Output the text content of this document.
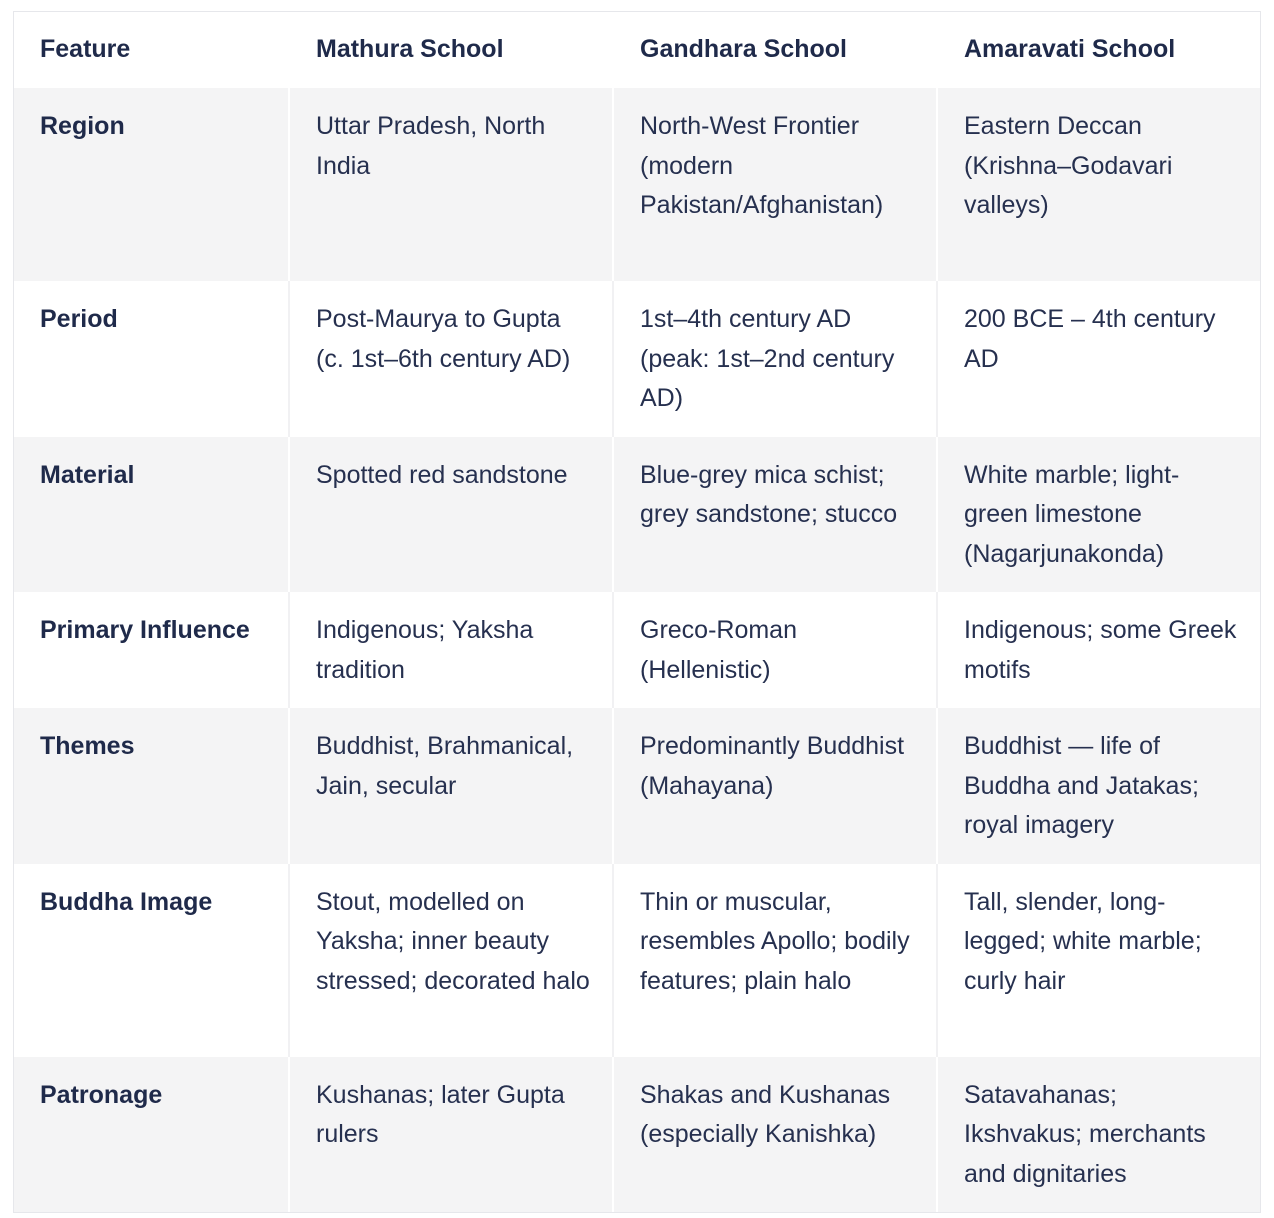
Feature	Mathura School	Gandhara School	Amaravati School
Region	Uttar Pradesh, North India	North-West Frontier (modern Pakistan/Afghanistan)	Eastern Deccan (Krishna–Godavari valleys)
Period	Post-Maurya to Gupta (c. 1st–6th century AD)	1st–4th century AD (peak: 1st–2nd century AD)	200 BCE – 4th century AD
Material	Spotted red sandstone	Blue-grey mica schist; grey sandstone; stucco	White marble; light-green limestone (Nagarjunakonda)
Primary Influence	Indigenous; Yaksha tradition	Greco-Roman (Hellenistic)	Indigenous; some Greek motifs
Themes	Buddhist, Brahmanical, Jain, secular	Predominantly Buddhist (Mahayana)	Buddhist — life of Buddha and Jatakas; royal imagery
Buddha Image	Stout, modelled on Yaksha; inner beauty stressed; decorated halo	Thin or muscular, resembles Apollo; bodily features; plain halo	Tall, slender, long-legged; white marble; curly hair
Patronage	Kushanas; later Gupta rulers	Shakas and Kushanas (especially Kanishka)	Satavahanas; Ikshvakus; merchants and dignitaries
